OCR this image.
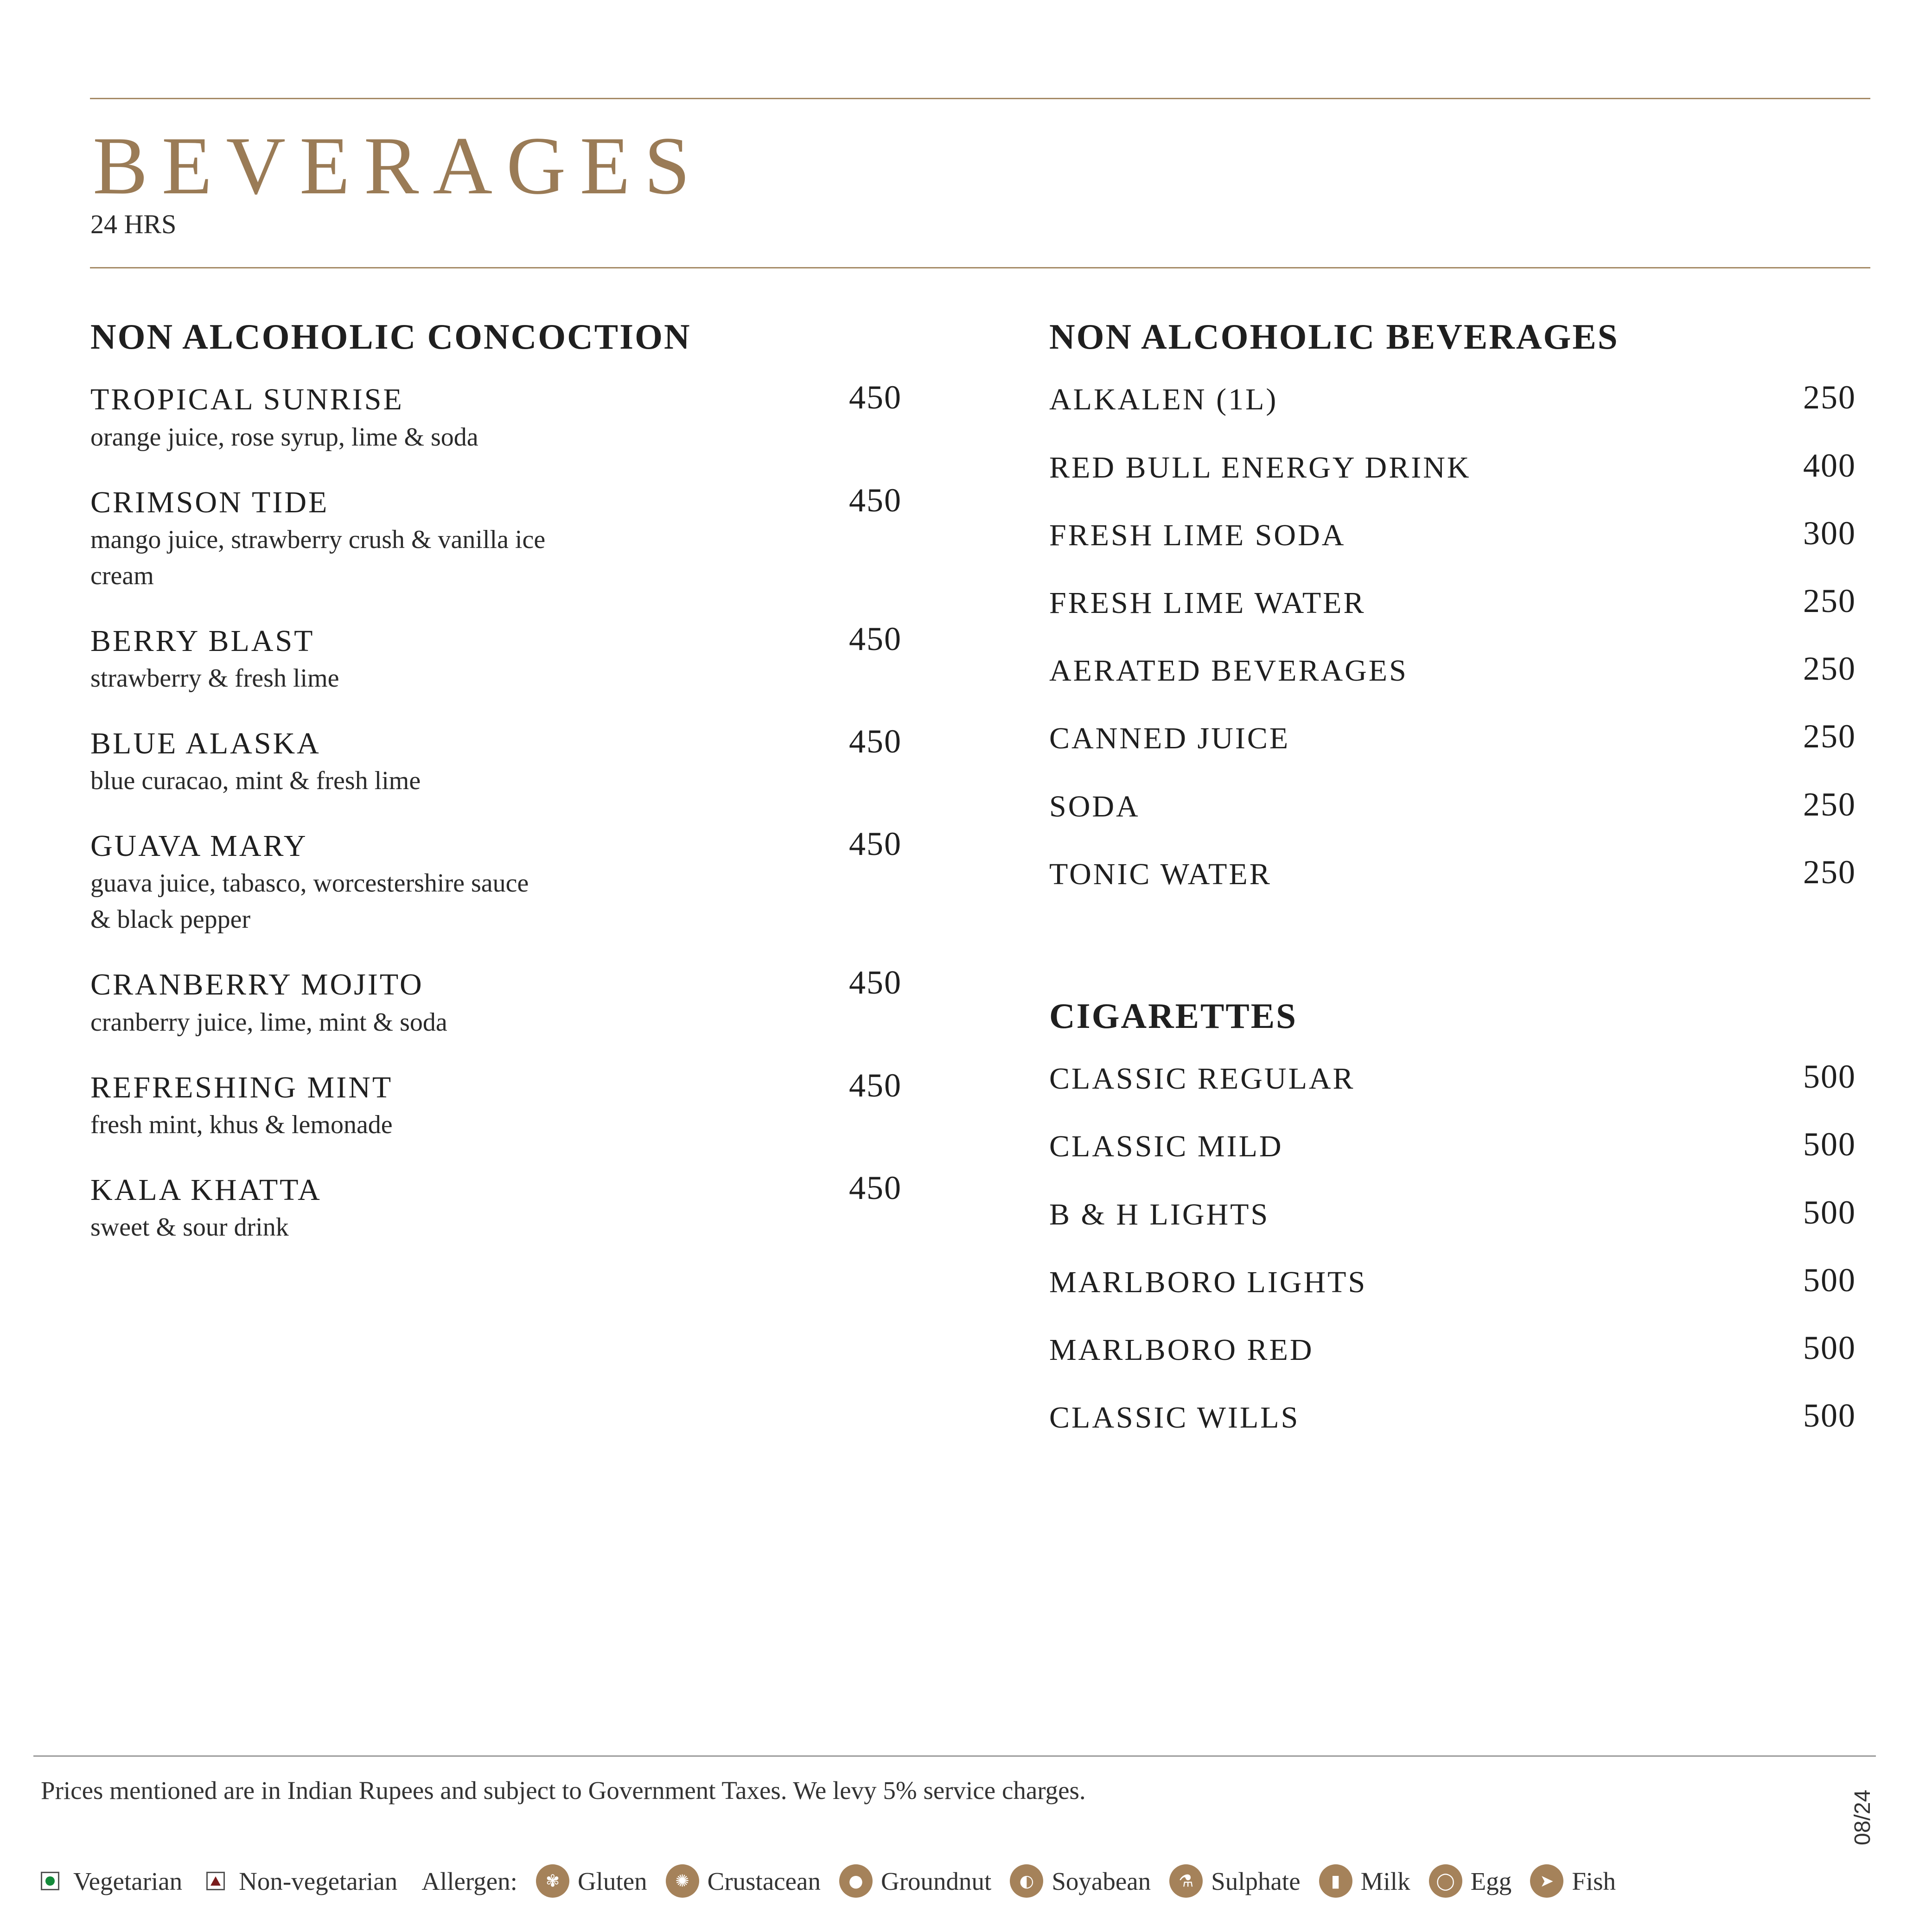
BEVERAGES
24 HRS
NON ALCOHOLIC CONCOCTION
TROPICAL SUNRISE
orange juice, rose syrup, lime & soda
450
CRIMSON TIDE
mango juice, strawberry crush & vanilla ice cream
450
BERRY BLAST
strawberry & fresh lime
450
BLUE ALASKA
blue curacao, mint & fresh lime
450
GUAVA MARY
guava juice, tabasco, worcestershire sauce & black pepper
450
CRANBERRY MOJITO
cranberry juice, lime, mint & soda
450
REFRESHING MINT
fresh mint, khus & lemonade
450
KALA KHATTA
sweet & sour drink
450
NON ALCOHOLIC BEVERAGES
ALKALEN (1L)	250
RED BULL ENERGY DRINK	400
FRESH LIME SODA	300
FRESH LIME WATER	250
AERATED BEVERAGES	250
CANNED JUICE	250
SODA	250
TONIC WATER	250
CIGARETTES
CLASSIC REGULAR	500
CLASSIC MILD	500
B & H LIGHTS	500
MARLBORO LIGHTS	500
MARLBORO RED	500
CLASSIC WILLS	500
Prices mentioned are in Indian Rupees and subject to Government Taxes. We levy 5% service charges.
Vegetarian Non-vegetarian Allergen:	✾ Gluten	✺ Crustacean	● Groundnut	◐ Soyabean	⚗ Sulphate	▮ Milk	◯ Egg	➤ Fish
08/24
